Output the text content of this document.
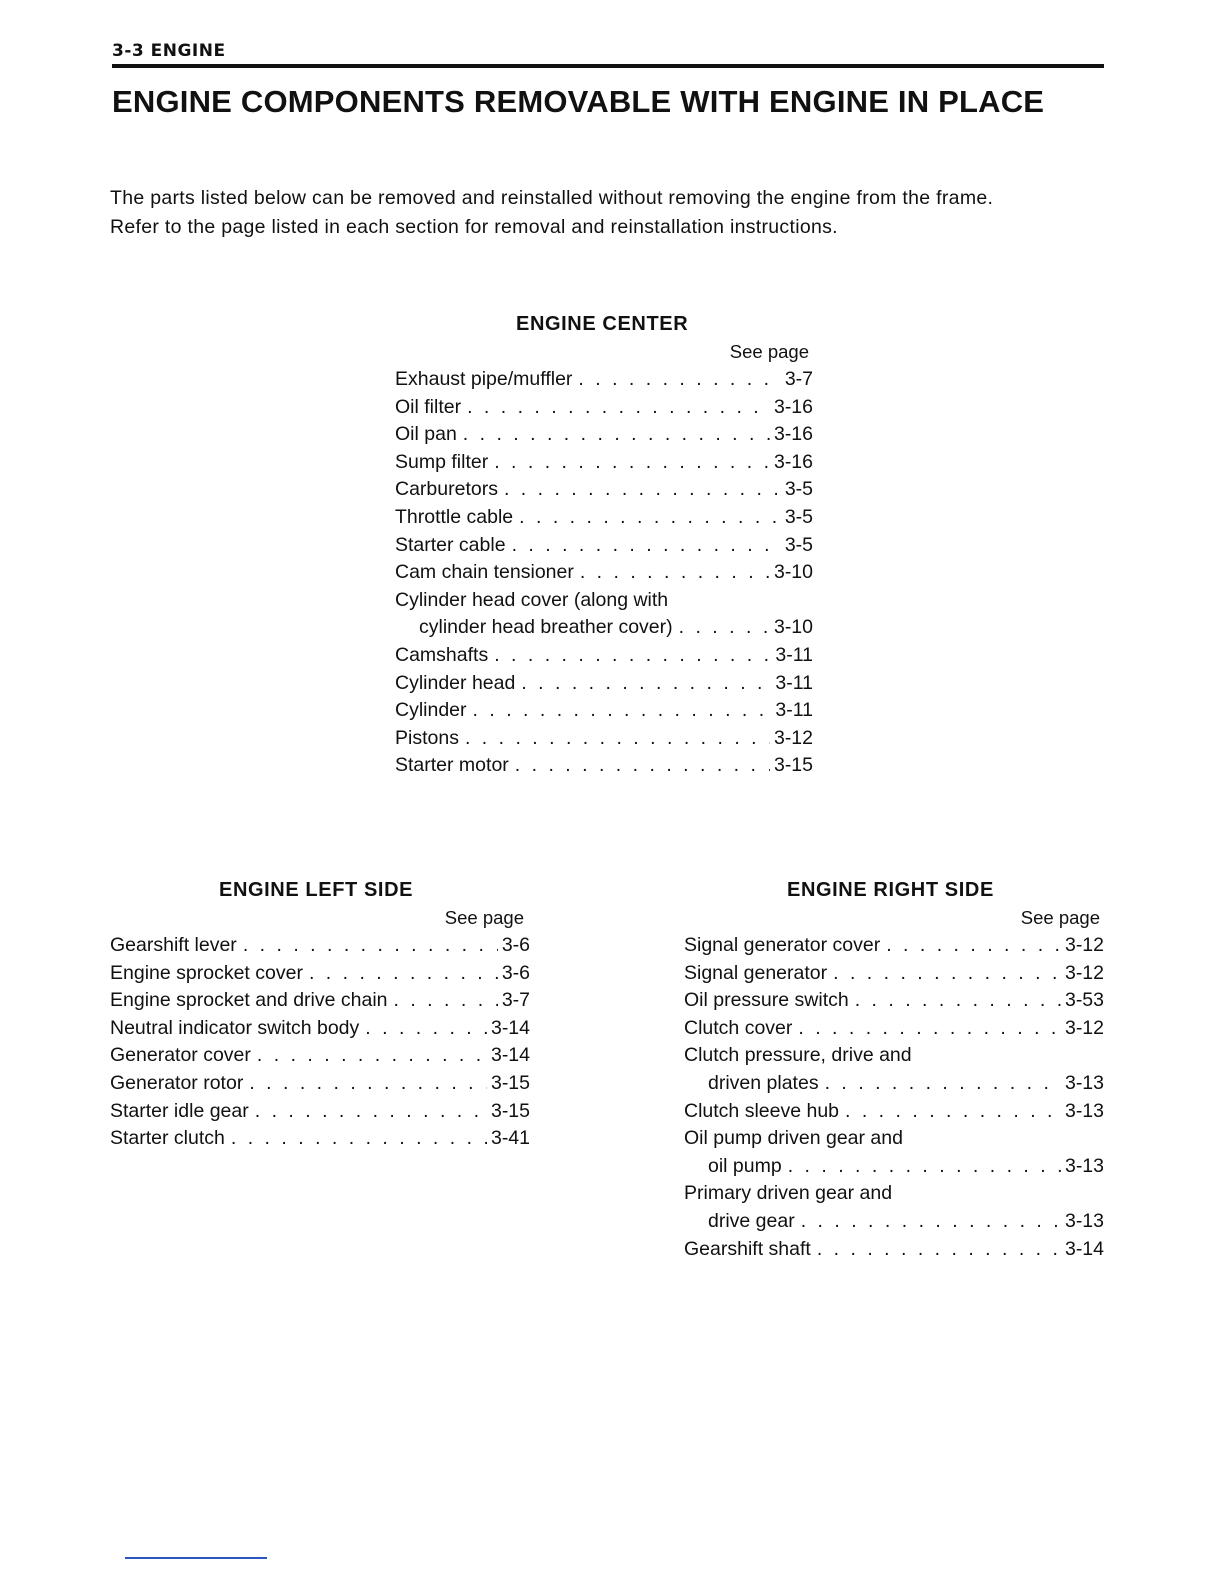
3-3 ENGINE
ENGINE COMPONENTS REMOVABLE WITH ENGINE IN PLACE

The parts listed below can be removed and reinstalled without removing the engine from the frame.

Refer to the page listed in each section for removal and reinstallation instructions.

ENGINE CENTER
See page
Exhaust pipe/muffler . . .	3-7
Oil filter . . .	3-16
Oil pan . . .	3-16
Sump filter . . .	3-16
Carburetors . . .	3-5
Throttle cable . . .	3-5
Starter cable . . .	3-5
Cam chain tensioner . . .	3-10
Cylinder head cover (along with
cylinder head breather cover) . . .	3-10
Camshafts . . .	3-11
Cylinder head . . .	3-11
Cylinder . . .	3-11
Pistons . . .	3-12
Starter motor . . .	3-15
ENGINE LEFT SIDE
See page
Gearshift lever . . .	3-6
Engine sprocket cover . . .	3-6
Engine sprocket and drive chain . . .	3-7
Neutral indicator switch body . . .	3-14
Generator cover . . .	3-14
Generator rotor . . .	3-15
Starter idle gear . . .	3-15
Starter clutch . . .	3-41
ENGINE RIGHT SIDE
See page
Signal generator cover . . .	3-12
Signal generator . . .	3-12
Oil pressure switch . . .	3-53
Clutch cover . . .	3-12
Clutch pressure, drive and
driven plates . . .	3-13
Clutch sleeve hub . . .	3-13
Oil pump driven gear and
oil pump . . .	3-13
Primary driven gear and
drive gear . . .	3-13
Gearshift shaft . . .	3-14
